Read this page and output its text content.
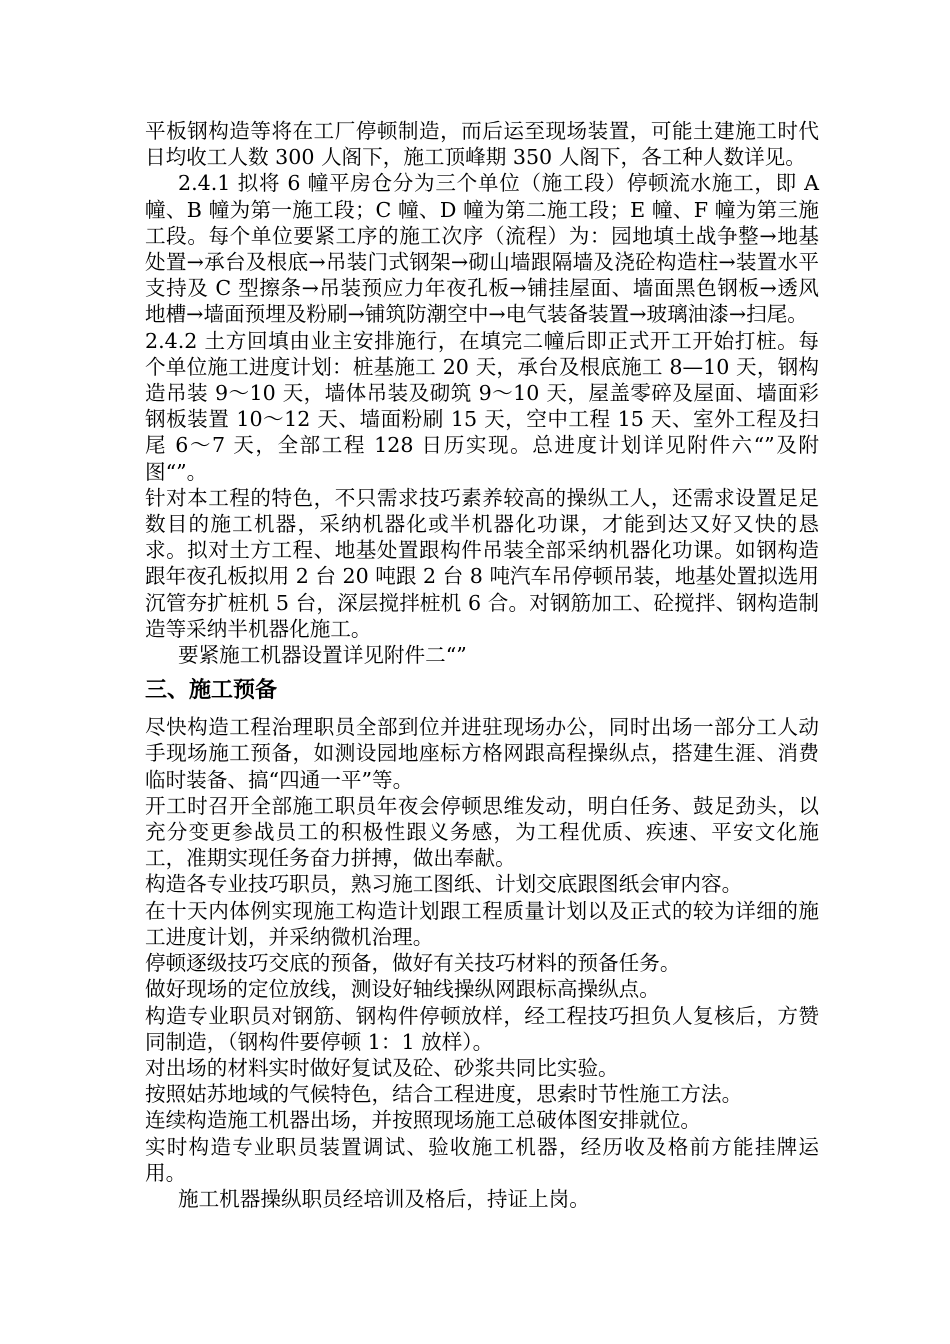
平板钢构造等将在工厂停顿制造，而后运至现场装置，可能土建施工时代日均收工人数 300 人阁下，施工顶峰期 350 人阁下，各工种人数详见。

2.4.1 拟将 6 幢平房仓分为三个单位（施工段）停顿流水施工，即 A 幢、B 幢为第一施工段；C 幢、D 幢为第二施工段；E 幢、F 幢为第三施工段。每个单位要紧工序的施工次序（流程）为：园地填土战争整→地基处置→承台及根底→吊装门式钢架→砌山墙跟隔墙及浇砼构造柱→装置水平支持及 C 型擦条→吊装预应力年夜孔板→铺挂屋面、墙面黑色钢板→透风地槽→墙面预埋及粉刷→铺筑防潮空中→电气装备装置→玻璃油漆→扫尾。

2.4.2 土方回填由业主安排施行，在填完二幢后即正式开工开始打桩。每个单位施工进度计划：桩基施工 20 天，承台及根底施工 8—10 天，钢构造吊装 9～10 天，墙体吊装及砌筑 9～10 天，屋盖零碎及屋面、墙面彩钢板装置 10～12 天、墙面粉刷 15 天，空中工程 15 天、室外工程及扫尾 6～7 天，全部工程 128 日历实现。总进度计划详见附件六“”及附图“”。

针对本工程的特色，不只需求技巧素养较高的操纵工人，还需求设置足足数目的施工机器，采纳机器化或半机器化功课，才能到达又好又快的恳求。拟对土方工程、地基处置跟构件吊装全部采纳机器化功课。如钢构造跟年夜孔板拟用 2 台 20 吨跟 2 台 8 吨汽车吊停顿吊装，地基处置拟选用沉管夯扩桩机 5 台，深层搅拌桩机 6 合。对钢筋加工、砼搅拌、钢构造制造等采纳半机器化施工。

要紧施工机器设置详见附件二“”

三、施工预备

尽快构造工程治理职员全部到位并进驻现场办公，同时出场一部分工人动手现场施工预备，如测设园地座标方格网跟高程操纵点，搭建生涯、消费临时装备、搞“四通一平”等。

开工时召开全部施工职员年夜会停顿思维发动，明白任务、鼓足劲头，以充分变更参战员工的积极性跟义务感，为工程优质、疾速、平安文化施工，准期实现任务奋力拼搏，做出奉献。

构造各专业技巧职员，熟习施工图纸、计划交底跟图纸会审内容。

在十天内体例实现施工构造计划跟工程质量计划以及正式的较为详细的施工进度计划，并采纳微机治理。

停顿逐级技巧交底的预备，做好有关技巧材料的预备任务。

做好现场的定位放线，测设好轴线操纵网跟标高操纵点。

构造专业职员对钢筋、钢构件停顿放样，经工程技巧担负人复核后，方赞同制造，（钢构件要停顿 1：1 放样）。

对出场的材料实时做好复试及砼、砂浆共同比实验。

按照姑苏地域的气候特色，结合工程进度，思索时节性施工方法。

连续构造施工机器出场，并按照现场施工总破体图安排就位。

实时构造专业职员装置调试、验收施工机器，经历收及格前方能挂牌运用。

施工机器操纵职员经培训及格后，持证上岗。
